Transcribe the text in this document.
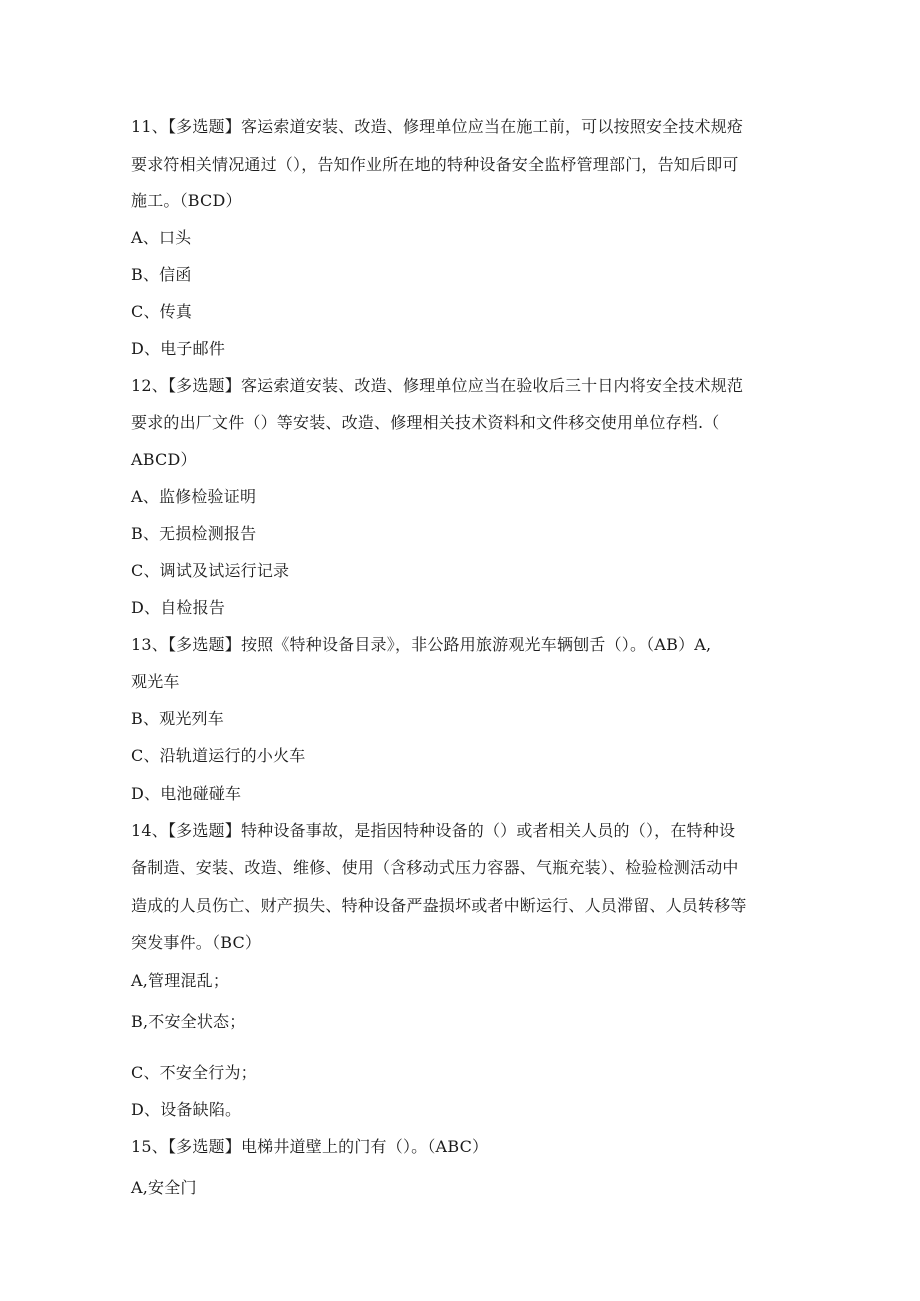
11、【多选题】客运索道安装、改造、修理单位应当在施工前，可以按照安全技术规疮
要求符相关情况通过（），告知作业所在地的特种设备安全监杼管理部门，告知后即可
施工。（BCD）
A、口头
B、信函
C、传真
D、电子邮件
12、【多选题】客运索道安装、改造、修理单位应当在验收后三十日内将安全技术规范
要求的出厂文件（）等安装、改造、修理相关技术资料和文件移交使用单位存档.（
ABCD）
A、监修检验证明
B、无损检测报告
C、调试及试运行记录
D、自检报告
13、【多选题】按照《特种设备目录》，非公路用旅游观光车辆刨舌（）。（AB）A,
观光车
B、观光列车
C、沿轨道运行的小火车
D、电池碰碰车
14、【多选题】特种设备事故，是指因特种设备的（）或者相关人员的（），在特种设
备制造、安装、改造、维修、使用（含移动式压力容器、气瓶充装）、检验检测活动中
造成的人员伤亡、财产损失、特种设备严盎损坏或者中断运行、人员滞留、人员转移等
突发事件。（BC）
A,管理混乱；
B,不安全状态；
C、不安全行为；
D、设备缺陷。
15、【多选题】电梯井道壁上的门有（）。（ABC）
A,安全门
